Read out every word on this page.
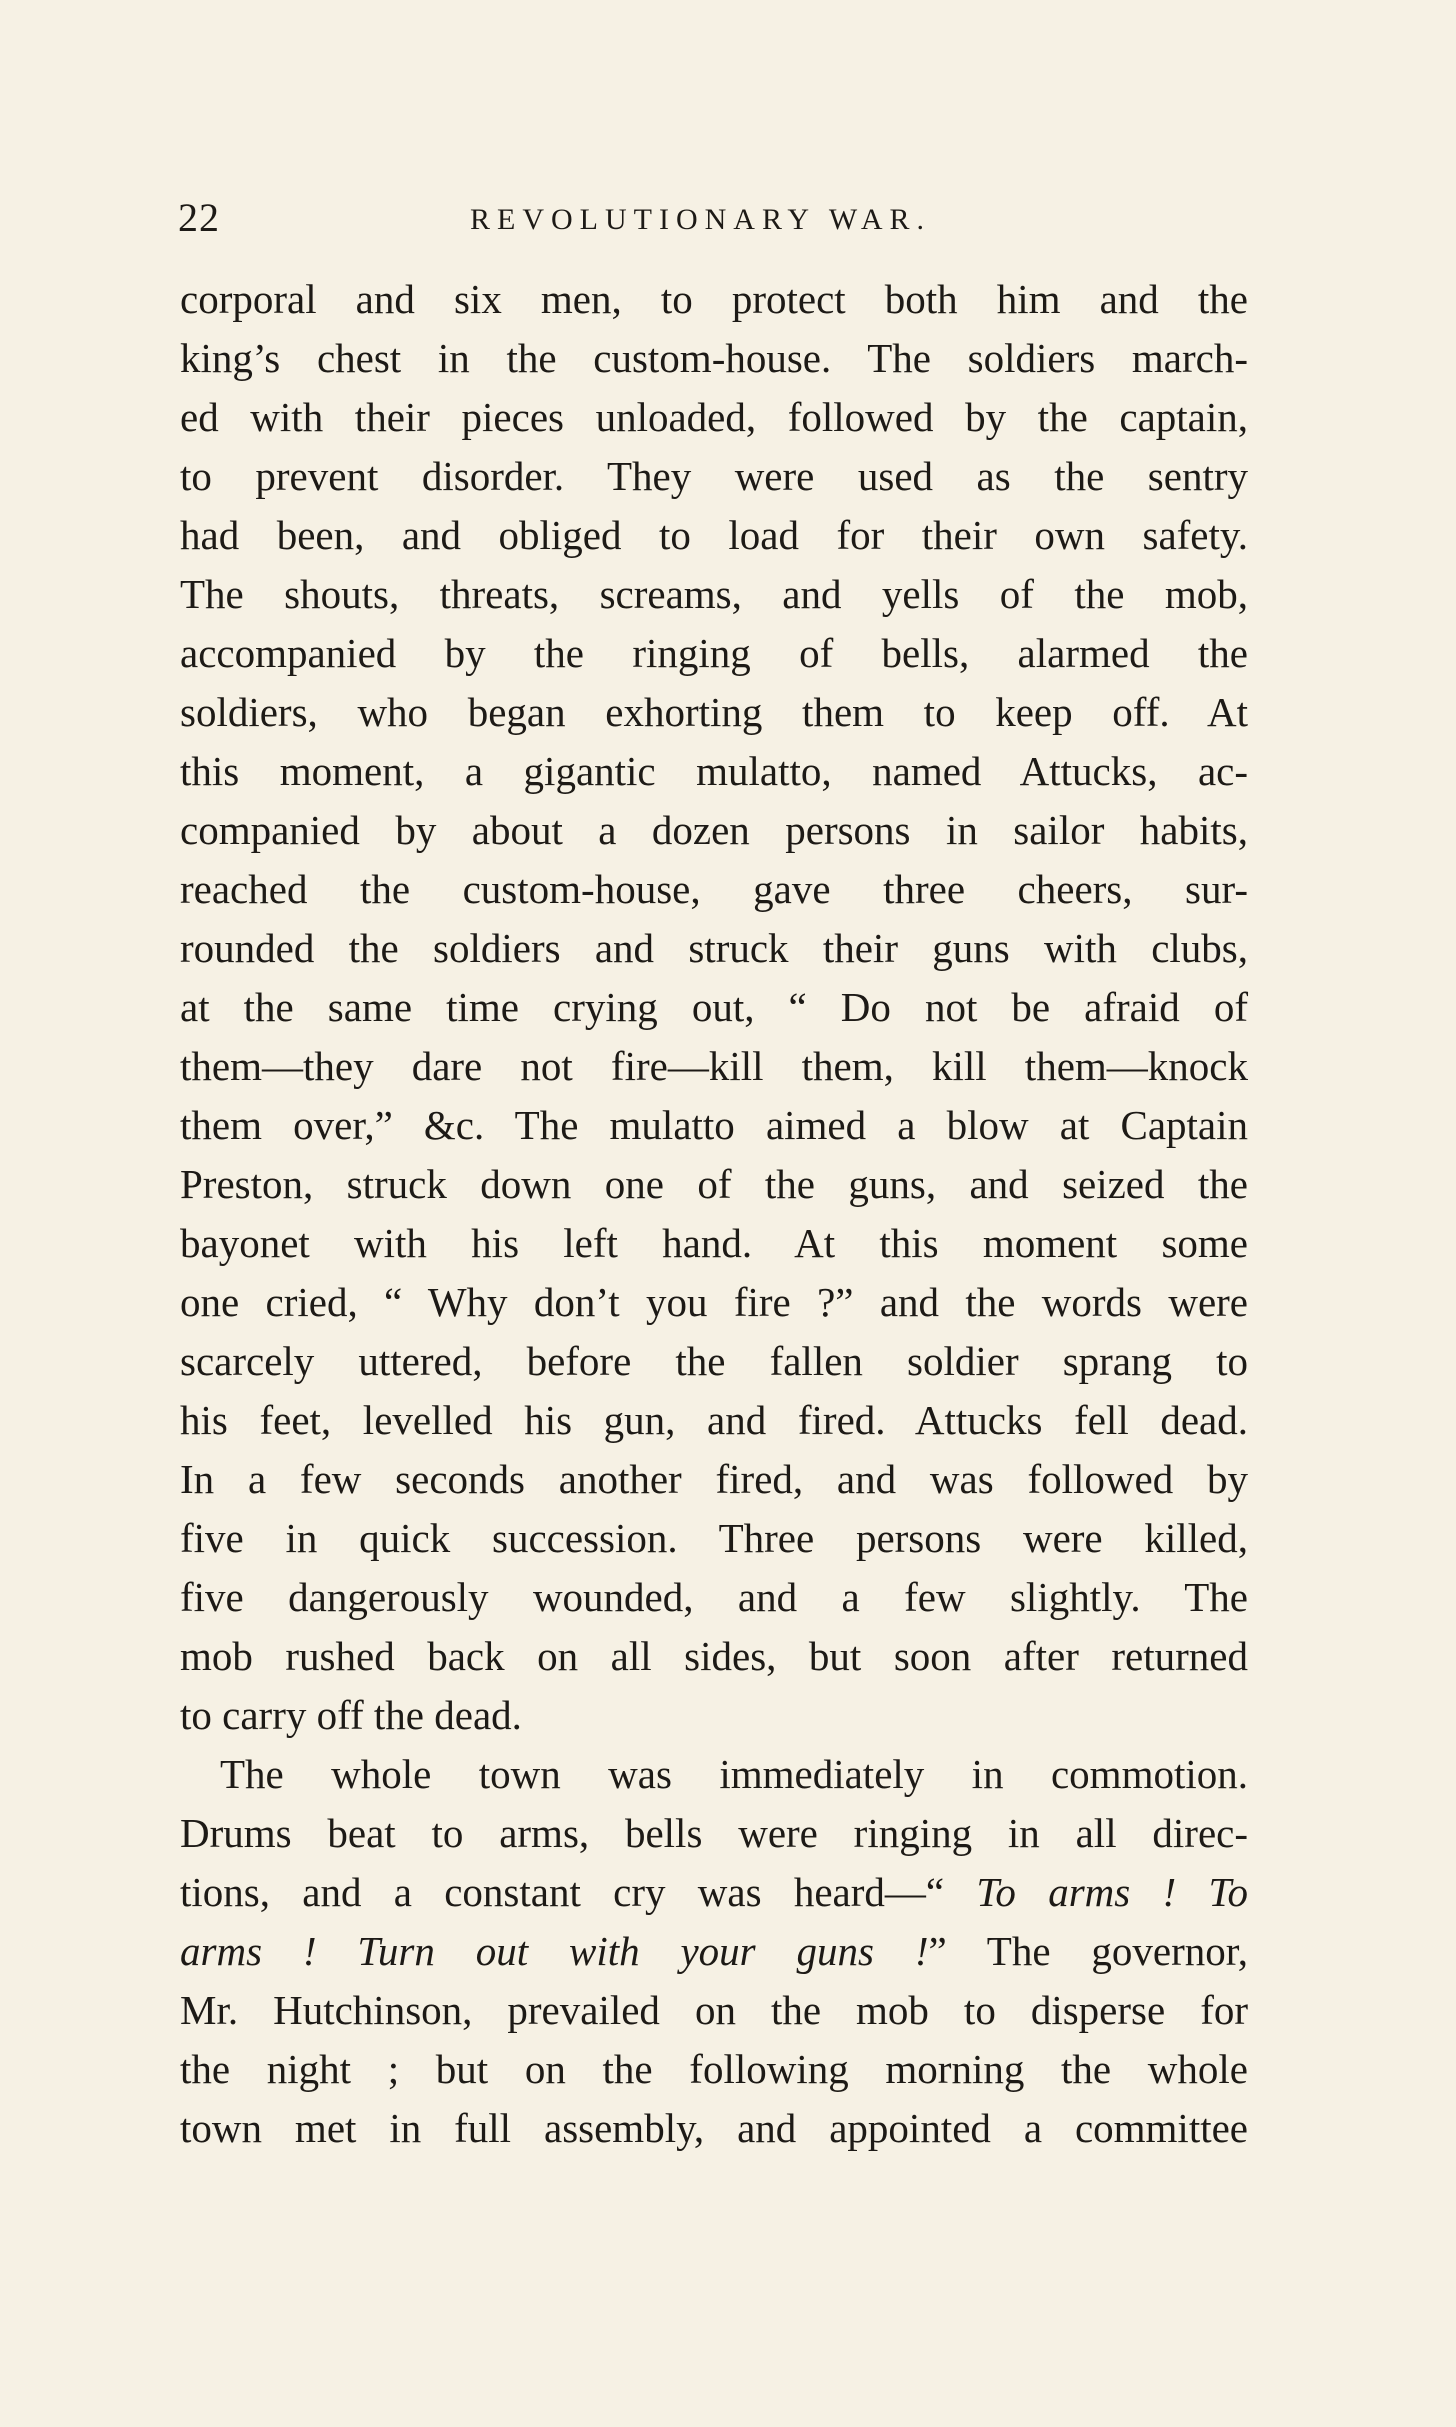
22	REVOLUTIONARY WAR.
corporal and six men, to protect both him and the
king’s chest in the custom-house. The soldiers march-
ed with their pieces unloaded, followed by the captain,
to prevent disorder. They were used as the sentry
had been, and obliged to load for their own safety.
The shouts, threats, screams, and yells of the mob,
accompanied by the ringing of bells, alarmed the
soldiers, who began exhorting them to keep off. At
this moment, a gigantic mulatto, named Attucks, ac-
companied by about a dozen persons in sailor habits,
reached the custom-house, gave three cheers, sur-
rounded the soldiers and struck their guns with clubs,
at the same time crying out, “ Do not be afraid of
them—they dare not fire—kill them, kill them—knock
them over,” &c. The mulatto aimed a blow at Captain
Preston, struck down one of the guns, and seized the
bayonet with his left hand. At this moment some
one cried, “ Why don’t you fire ?” and the words were
scarcely uttered, before the fallen soldier sprang to
his feet, levelled his gun, and fired. Attucks fell dead.
In a few seconds another fired, and was followed by
five in quick succession. Three persons were killed,
five dangerously wounded, and a few slightly. The
mob rushed back on all sides, but soon after returned
to carry off the dead.
The whole town was immediately in commotion.
Drums beat to arms, bells were ringing in all direc-
tions, and a constant cry was heard—“ To arms ! To
arms ! Turn out with your guns !” The governor,
Mr. Hutchinson, prevailed on the mob to disperse for
the night ; but on the following morning the whole
town met in full assembly, and appointed a committee
